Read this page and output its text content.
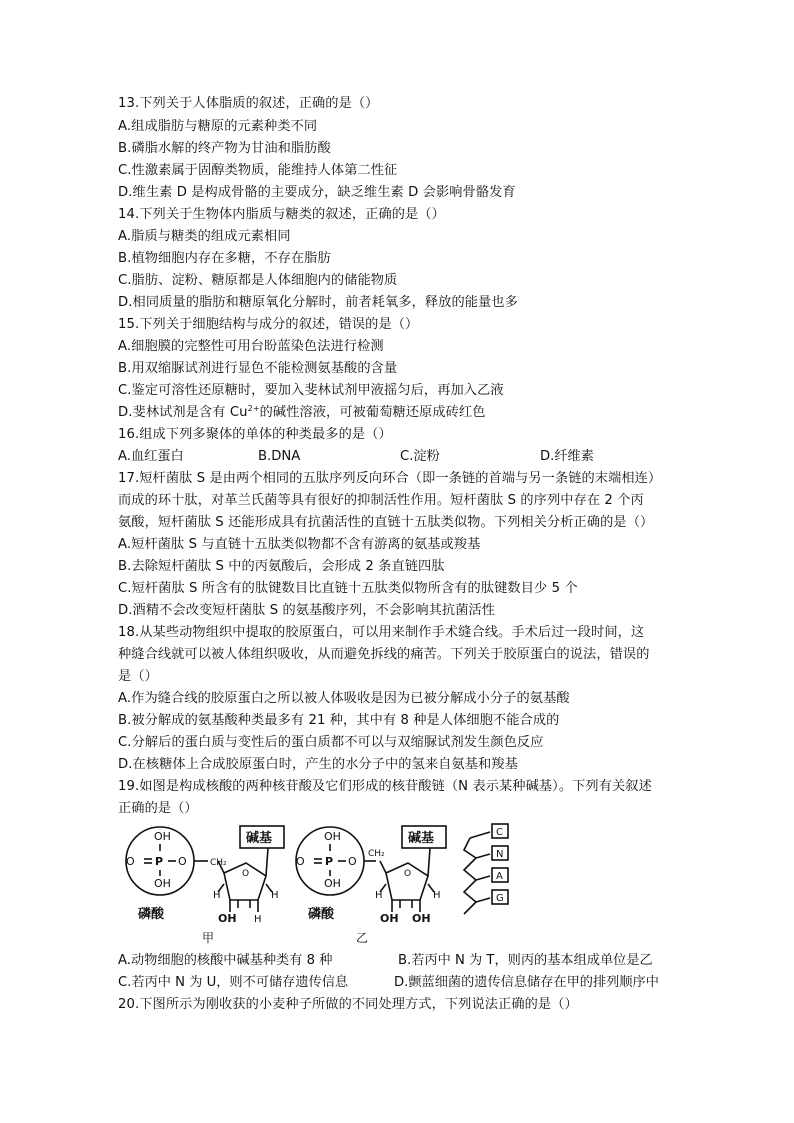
13.下列关于人体脂质的叙述，正确的是（）
A.组成脂肪与糖原的元素种类不同
B.磷脂水解的终产物为甘油和脂肪酸
C.性激素属于固醇类物质，能维持人体第二性征
D.维生素 D 是构成骨骼的主要成分，缺乏维生素 D 会影响骨骼发育
14.下列关于生物体内脂质与糖类的叙述，正确的是（）
A.脂质与糖类的组成元素相同
B.植物细胞内存在多糖，不存在脂肪
C.脂肪、淀粉、糖原都是人体细胞内的储能物质
D.相同质量的脂肪和糖原氧化分解时，前者耗氧多，释放的能量也多
15.下列关于细胞结构与成分的叙述，错误的是（）
A.细胞膜的完整性可用台盼蓝染色法进行检测
B.用双缩脲试剂进行显色不能检测氨基酸的含量
C.鉴定可溶性还原糖时，要加入斐林试剂甲液摇匀后，再加入乙液
D.斐林试剂是含有 $Cu^{2+}$的碱性溶液，可被葡萄糖还原成砖红色
16.组成下列多聚体的单体的种类最多的是（）
A.血红蛋白	B.DNA	C.淀粉	D.纤维素
17.短杆菌肽 S 是由两个相同的五肽序列反向环合（即一条链的首端与另一条链的末端相连）
而成的环十肽，对革兰氏菌等具有很好的抑制活性作用。短杆菌肽 S 的序列中存在 2 个丙
氨酸，短杆菌肽 S 还能形成具有抗菌活性的直链十五肽类似物。下列相关分析正确的是（）
A.短杆菌肽 S 与直链十五肽类似物都不含有游离的氨基或羧基
B.去除短杆菌肽 S 中的丙氨酸后，会形成 2 条直链四肽
C.短杆菌肽 S 所含有的肽键数目比直链十五肽类似物所含有的肽键数目少 5 个
D.酒精不会改变短杆菌肽 S 的氨基酸序列，不会影响其抗菌活性
18.从某些动物组织中提取的胶原蛋白，可以用来制作手术缝合线。手术后过一段时间，这
种缝合线就可以被人体组织吸收，从而避免拆线的痛苦。下列关于胶原蛋白的说法，错误的
是（）
A.作为缝合线的胶原蛋白之所以被人体吸收是因为已被分解成小分子的氨基酸
B.被分解成的氨基酸种类最多有 21 种，其中有 8 种是人体细胞不能合成的
C.分解后的蛋白质与变性后的蛋白质都不可以与双缩脲试剂发生颜色反应
D.在核糖体上合成胶原蛋白时，产生的水分子中的氢来自氨基和羧基
19.如图是构成核酸的两种核苷酸及它们形成的核苷酸链（N 表示某种碱基）。下列有关叙述
正确的是（）
OH
O P O
OH
CH₂
O
H	H
OH H
碱基
磷酸
甲
OH
O P O
OH
CH₂
O
H	H
OH OH
碱基
磷酸
乙
C
N
A
G
A.动物细胞的核酸中碱基种类有 8 种	B.若丙中 N 为 T，则丙的基本组成单位是乙
C.若丙中 N 为 U，则不可储存遗传信息	D.颤蓝细菌的遗传信息储存在甲的排列顺序中
20.下图所示为刚收获的小麦种子所做的不同处理方式，下列说法正确的是（）
